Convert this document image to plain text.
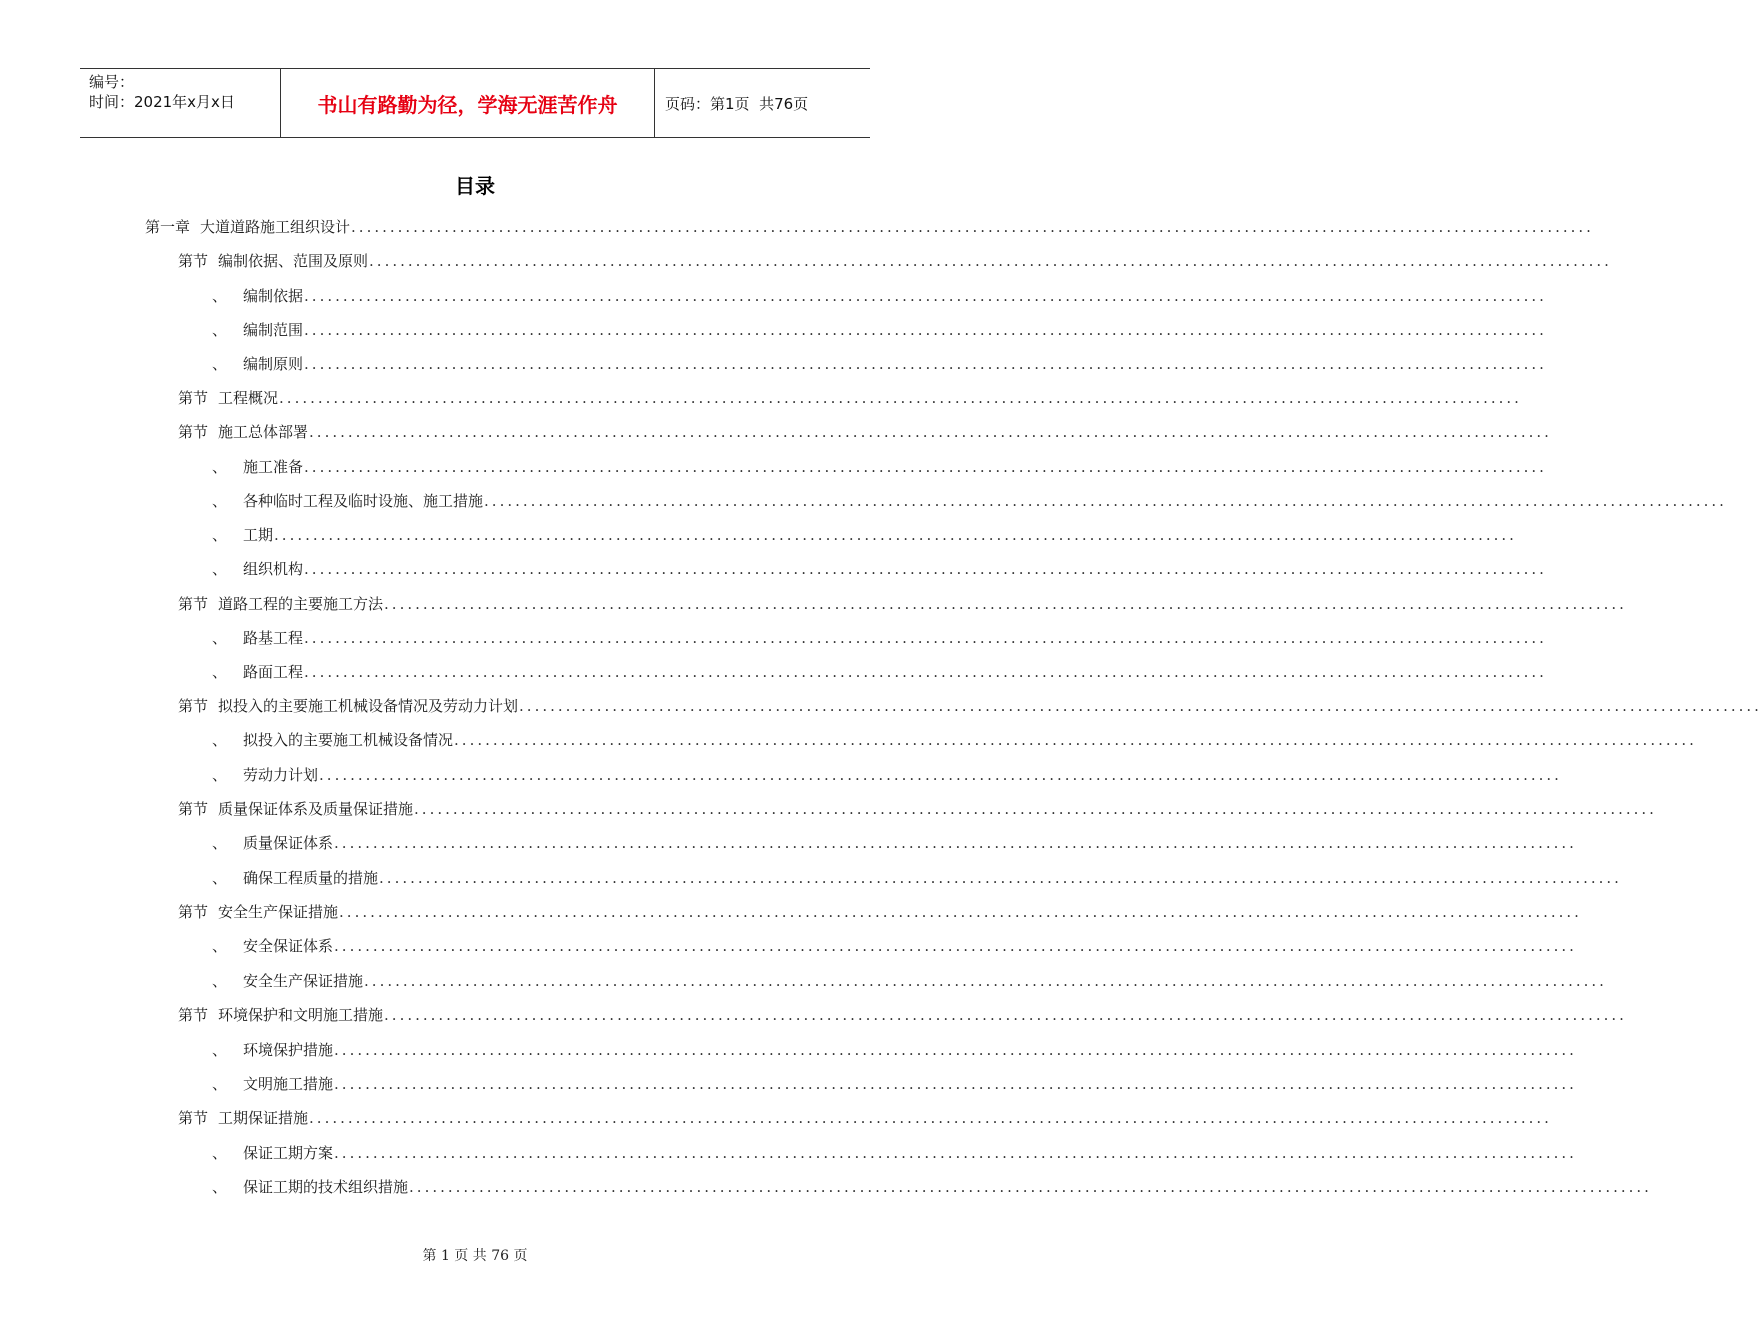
编号：
时间：2021年x月x日	书山有路勤为径，学海无涯苦作舟	页码：第1页  共76页
目录
第一章 大道道路施工组织设计 ................................................................................................................................................................
第节 编制依据、范围及原则 ................................................................................................................................................................
、 编制依据 ................................................................................................................................................................
、 编制范围 ................................................................................................................................................................
、 编制原则 ................................................................................................................................................................
第节 工程概况 ................................................................................................................................................................
第节 施工总体部署 ................................................................................................................................................................
、 施工准备 ................................................................................................................................................................
、 各种临时工程及临时设施、施工措施 ................................................................................................................................................................
、 工期 ................................................................................................................................................................
、 组织机构 ................................................................................................................................................................
第节 道路工程的主要施工方法 ................................................................................................................................................................
、 路基工程 ................................................................................................................................................................
、 路面工程 ................................................................................................................................................................
第节 拟投入的主要施工机械设备情况及劳动力计划 ................................................................................................................................................................
、 拟投入的主要施工机械设备情况 ................................................................................................................................................................
、 劳动力计划 ................................................................................................................................................................
第节 质量保证体系及质量保证措施 ................................................................................................................................................................
、 质量保证体系 ................................................................................................................................................................
、 确保工程质量的措施 ................................................................................................................................................................
第节 安全生产保证措施 ................................................................................................................................................................
、 安全保证体系 ................................................................................................................................................................
、 安全生产保证措施 ................................................................................................................................................................
第节 环境保护和文明施工措施 ................................................................................................................................................................
、 环境保护措施 ................................................................................................................................................................
、 文明施工措施 ................................................................................................................................................................
第节 工期保证措施 ................................................................................................................................................................
、 保证工期方案 ................................................................................................................................................................
、 保证工期的技术组织措施 ................................................................................................................................................................
第 1 页 共 76 页
